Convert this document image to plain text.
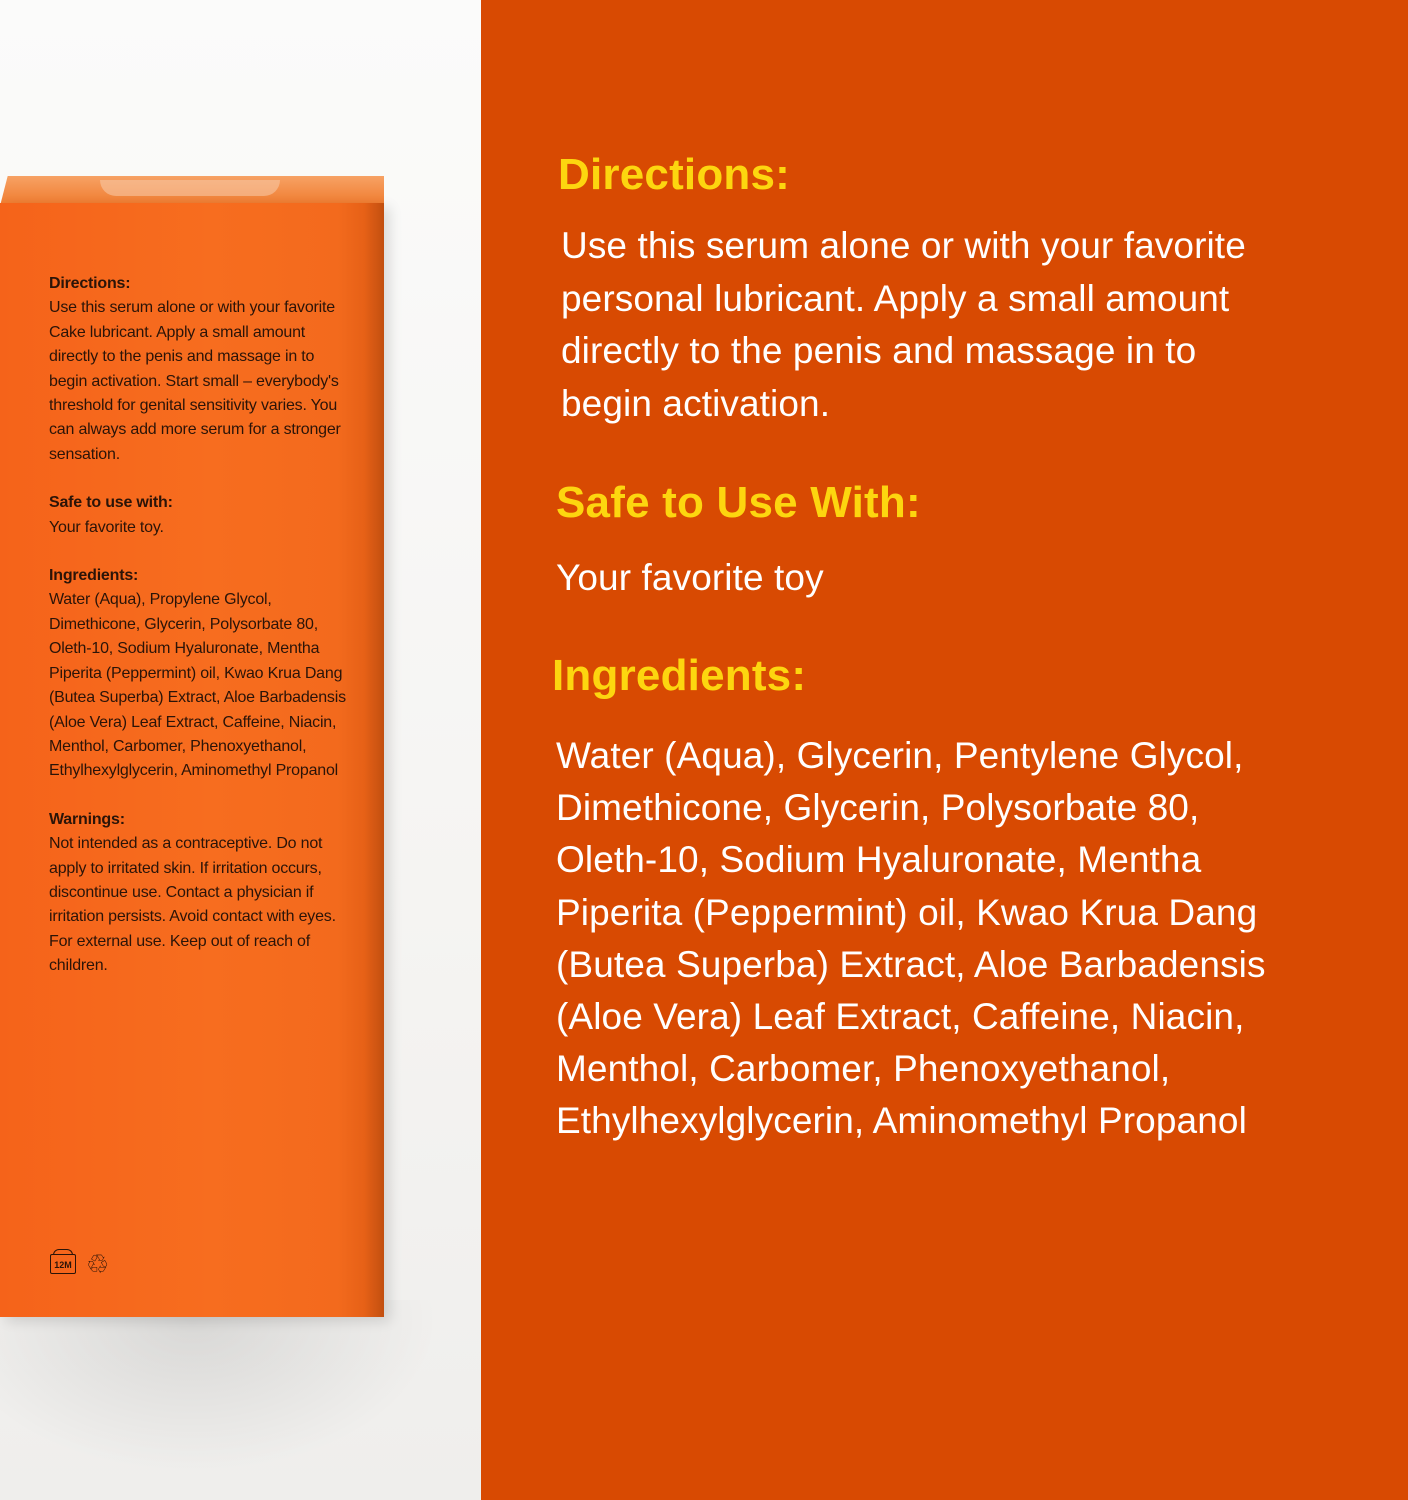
Directions:
Use this serum alone or with your favorite Cake lubricant. Apply a small amount directly to the penis and massage in to begin activation. Start small – everybody's threshold for genital sensitivity varies. You can always add more serum for a stronger sensation.
Safe to use with:
Your favorite toy.
Ingredients:
Water (Aqua), Propylene Glycol, Dimethicone, Glycerin, Polysorbate 80, Oleth-10, Sodium Hyaluronate, Mentha Piperita (Peppermint) oil, Kwao Krua Dang (Butea Superba) Extract, Aloe Barbadensis (Aloe Vera) Leaf Extract, Caffeine, Niacin, Menthol, Carbomer, Phenoxyethanol, Ethylhexylglycerin, Aminomethyl Propanol
Warnings:
Not intended as a contraceptive. Do not apply to irritated skin. If irritation occurs, discontinue use. Contact a physician if irritation persists. Avoid contact with eyes. For external use. Keep out of reach of children.
12M ♲
Directions:
Use this serum alone or with your favorite
personal lubricant. Apply a small amount
directly to the penis and massage in to
begin activation.
Safe to Use With:
Your favorite toy
Ingredients:
Water (Aqua), Glycerin, Pentylene Glycol,
Dimethicone, Glycerin, Polysorbate 80,
Oleth-10, Sodium Hyaluronate, Mentha
Piperita (Peppermint) oil, Kwao Krua Dang
(Butea Superba) Extract, Aloe Barbadensis
(Aloe Vera) Leaf Extract, Caffeine, Niacin,
Menthol, Carbomer, Phenoxyethanol,
Ethylhexylglycerin, Aminomethyl Propanol
